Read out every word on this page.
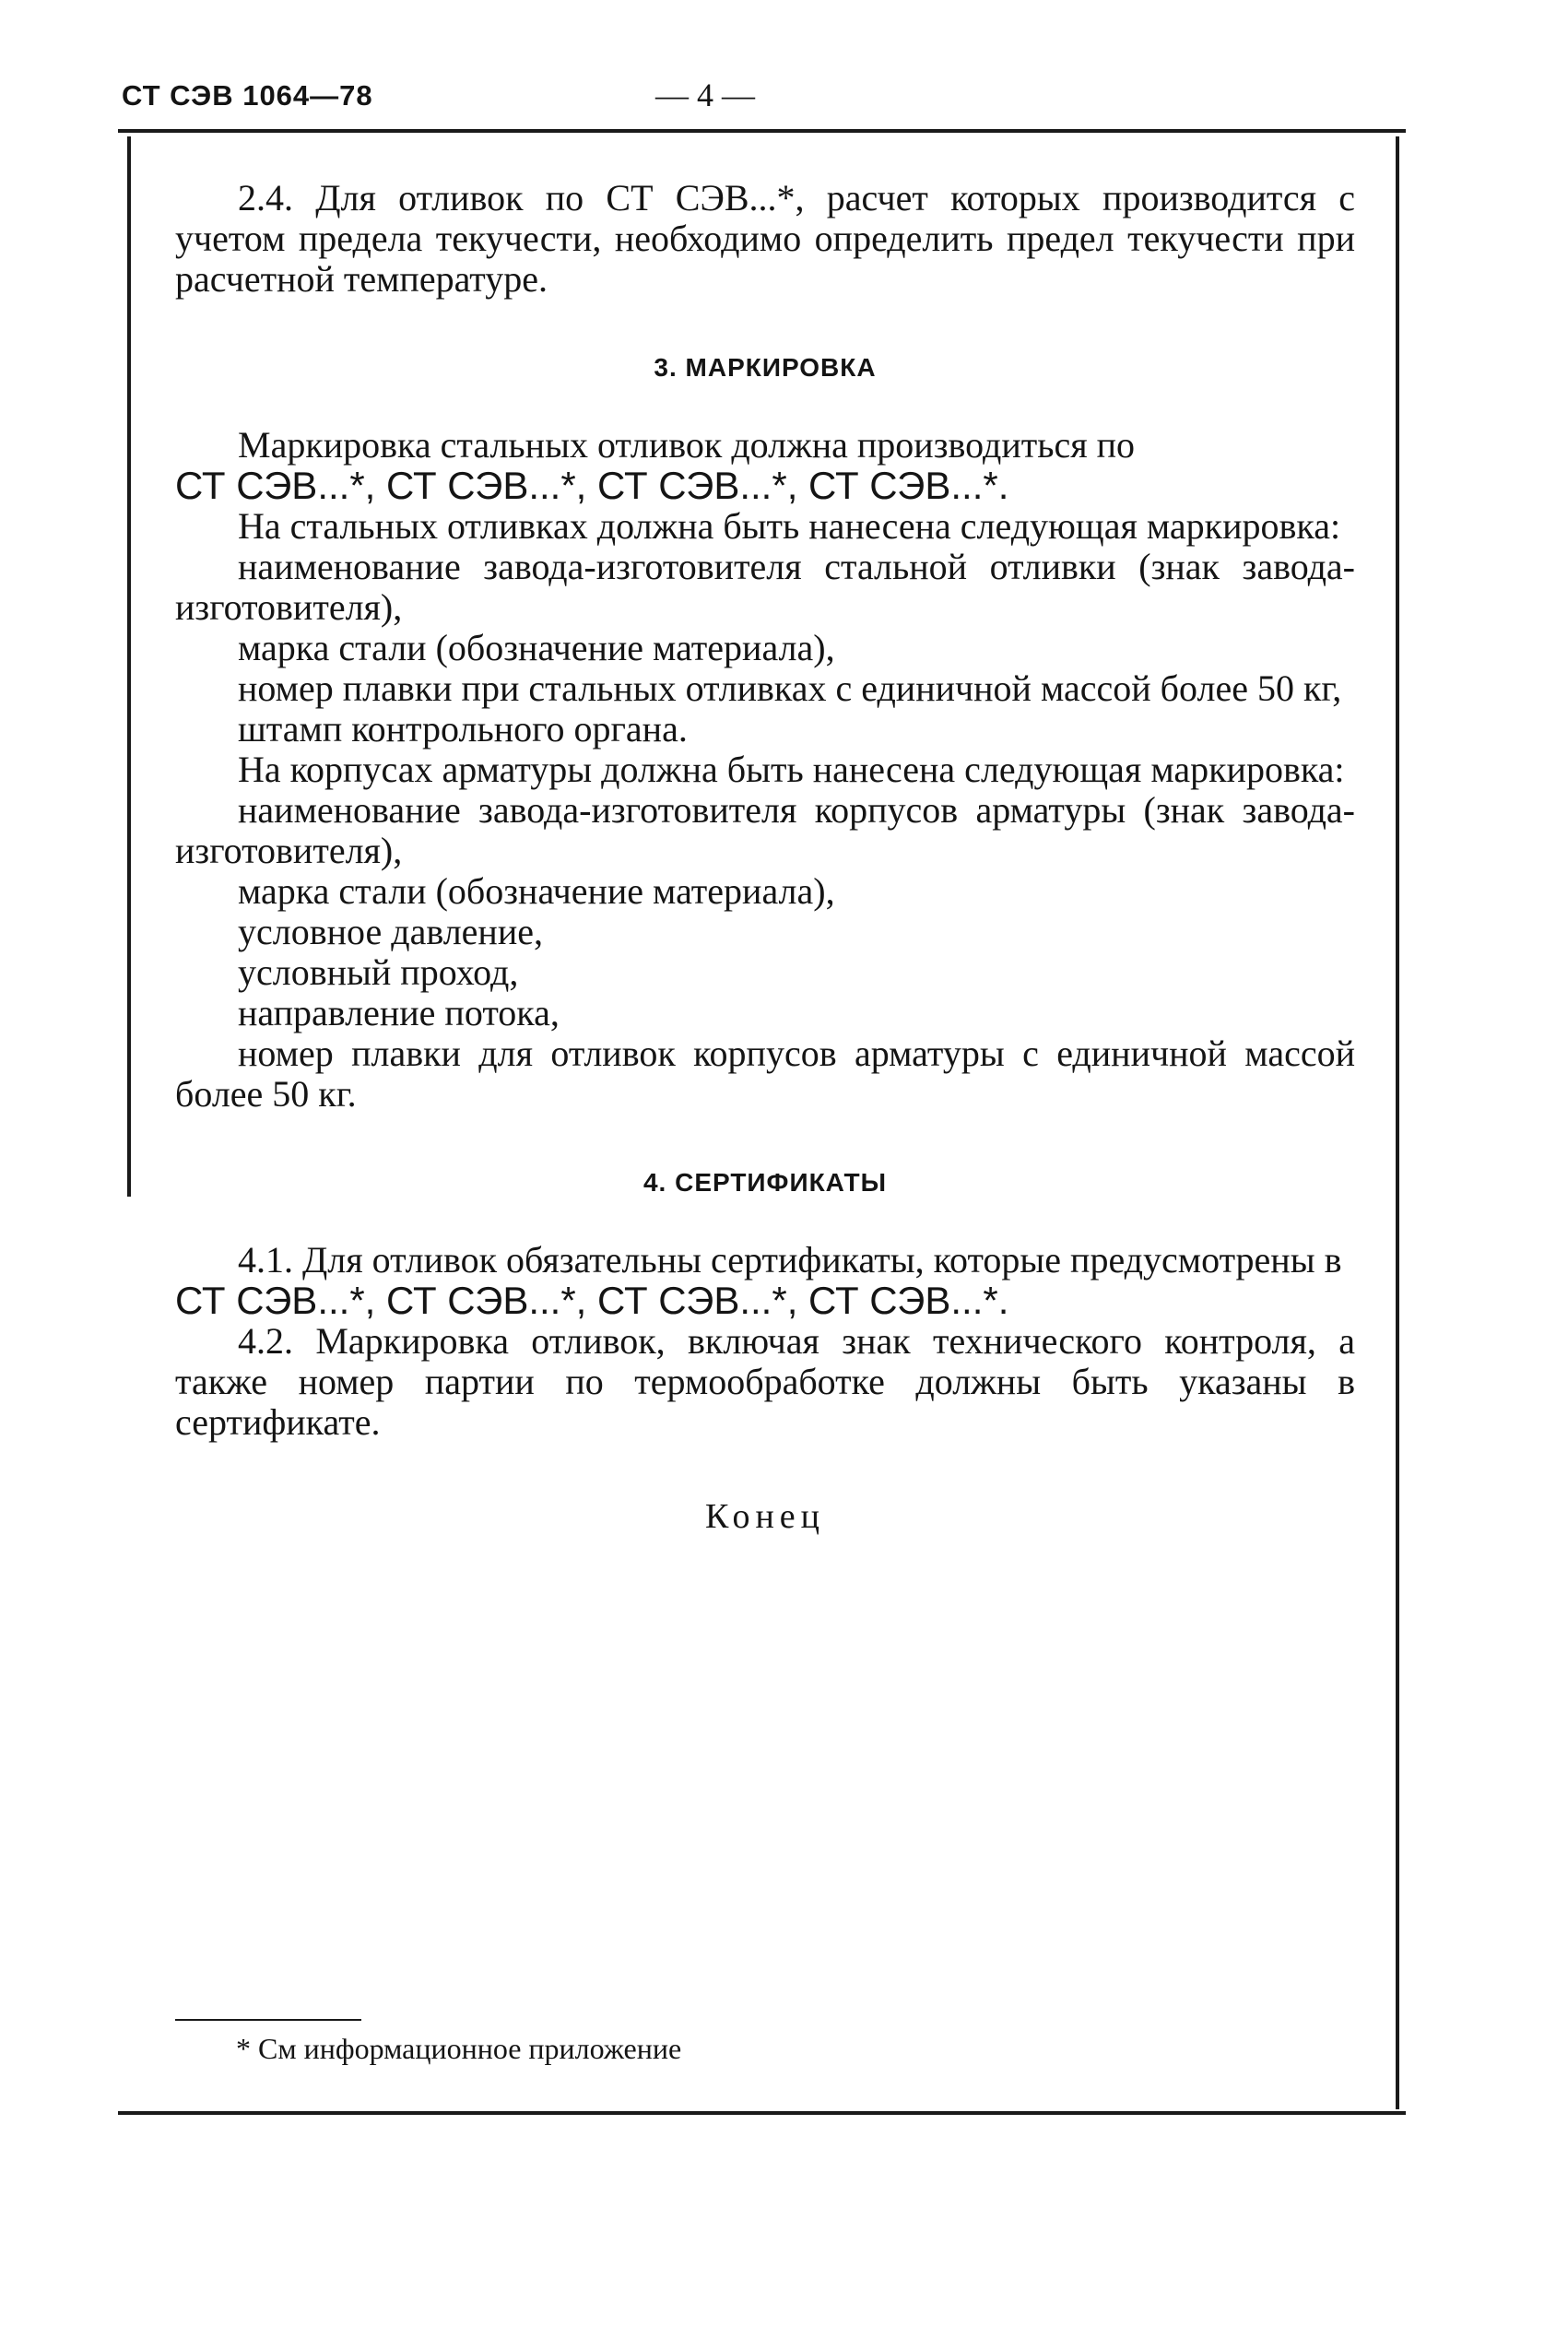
СТ СЭВ 1064—78	— 4 —

2.4. Для отливок по СТ СЭВ...*, расчет которых производится с учетом предела текучести, необходимо определить предел текучести при расчетной температуре.

3. МАРКИРОВКА

Маркировка стальных отливок должна производиться по

СТ СЭВ...*, СТ СЭВ...*, СТ СЭВ...*, СТ СЭВ...*.

На стальных отливках должна быть нанесена следующая маркировка:

наименование завода-изготовителя стальной отливки (знак завода-изготовителя),

марка стали (обозначение материала),

номер плавки при стальных отливках с единичной массой более 50 кг,

штамп контрольного органа.

На корпусах арматуры должна быть нанесена следующая маркировка:

наименование завода-изготовителя корпусов арматуры (знак завода-изготовителя),

марка стали (обозначение материала),

условное давление,

условный проход,

направление потока,

номер плавки для отливок корпусов арматуры с единичной массой более 50 кг.

4. СЕРТИФИКАТЫ

4.1. Для отливок обязательны сертификаты, которые предусмотрены в

СТ СЭВ...*, СТ СЭВ...*, СТ СЭВ...*, СТ СЭВ...*.

4.2. Маркировка отливок, включая знак технического контроля, а также номер партии по термообработке должны быть указаны в сертификате.

Конец
* См информационное приложение
